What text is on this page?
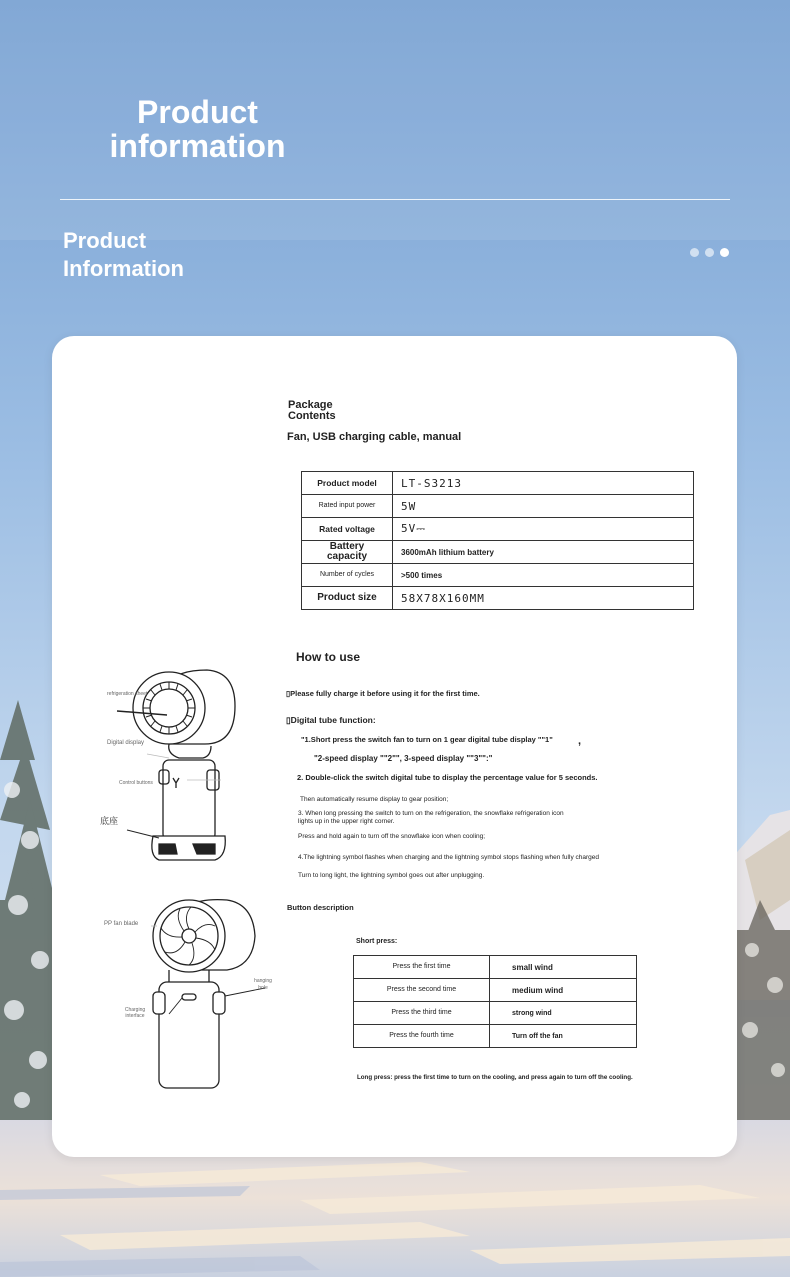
Product
information
Product
Information
Package
Contents
Fan, USB charging cable, manual
Product model	LT-S3213
Rated input power	5W
Rated voltage	5V⎓
Battery capacity	3600mAh lithium battery
Number of cycles	>500 times
Product size	58X78X160MM
How to use
▯Please fully charge it before using it for the first time.
▯Digital tube function:
"1.Short press the switch fan to turn on 1 gear digital tube display ""1" ,
"2-speed display ""2"", 3-speed display ""3"":"
2. Double-click the switch digital tube to display the percentage value for 5 seconds.
Then automatically resume display to gear position;
3. When long pressing the switch to turn on the refrigeration, the snowflake refrigeration icon
lights up in the upper right corner.
Press and hold again to turn off the snowflake icon when cooling;
4.The lightning symbol flashes when charging and the lightning symbol stops flashing when fully charged
Turn to long light, the lightning symbol goes out after unplugging.
Button description
Short press:
Press the first time	small wind
Press the second time	medium wind
Press the third time	strong wind
Press the fourth time	Turn off the fan
Long press: press the first time to turn on the cooling, and press again to turn off the cooling.
refrigeration sheet
Digital display
Control buttons
底座
PP fan blade
hanging hole
Charging interface
